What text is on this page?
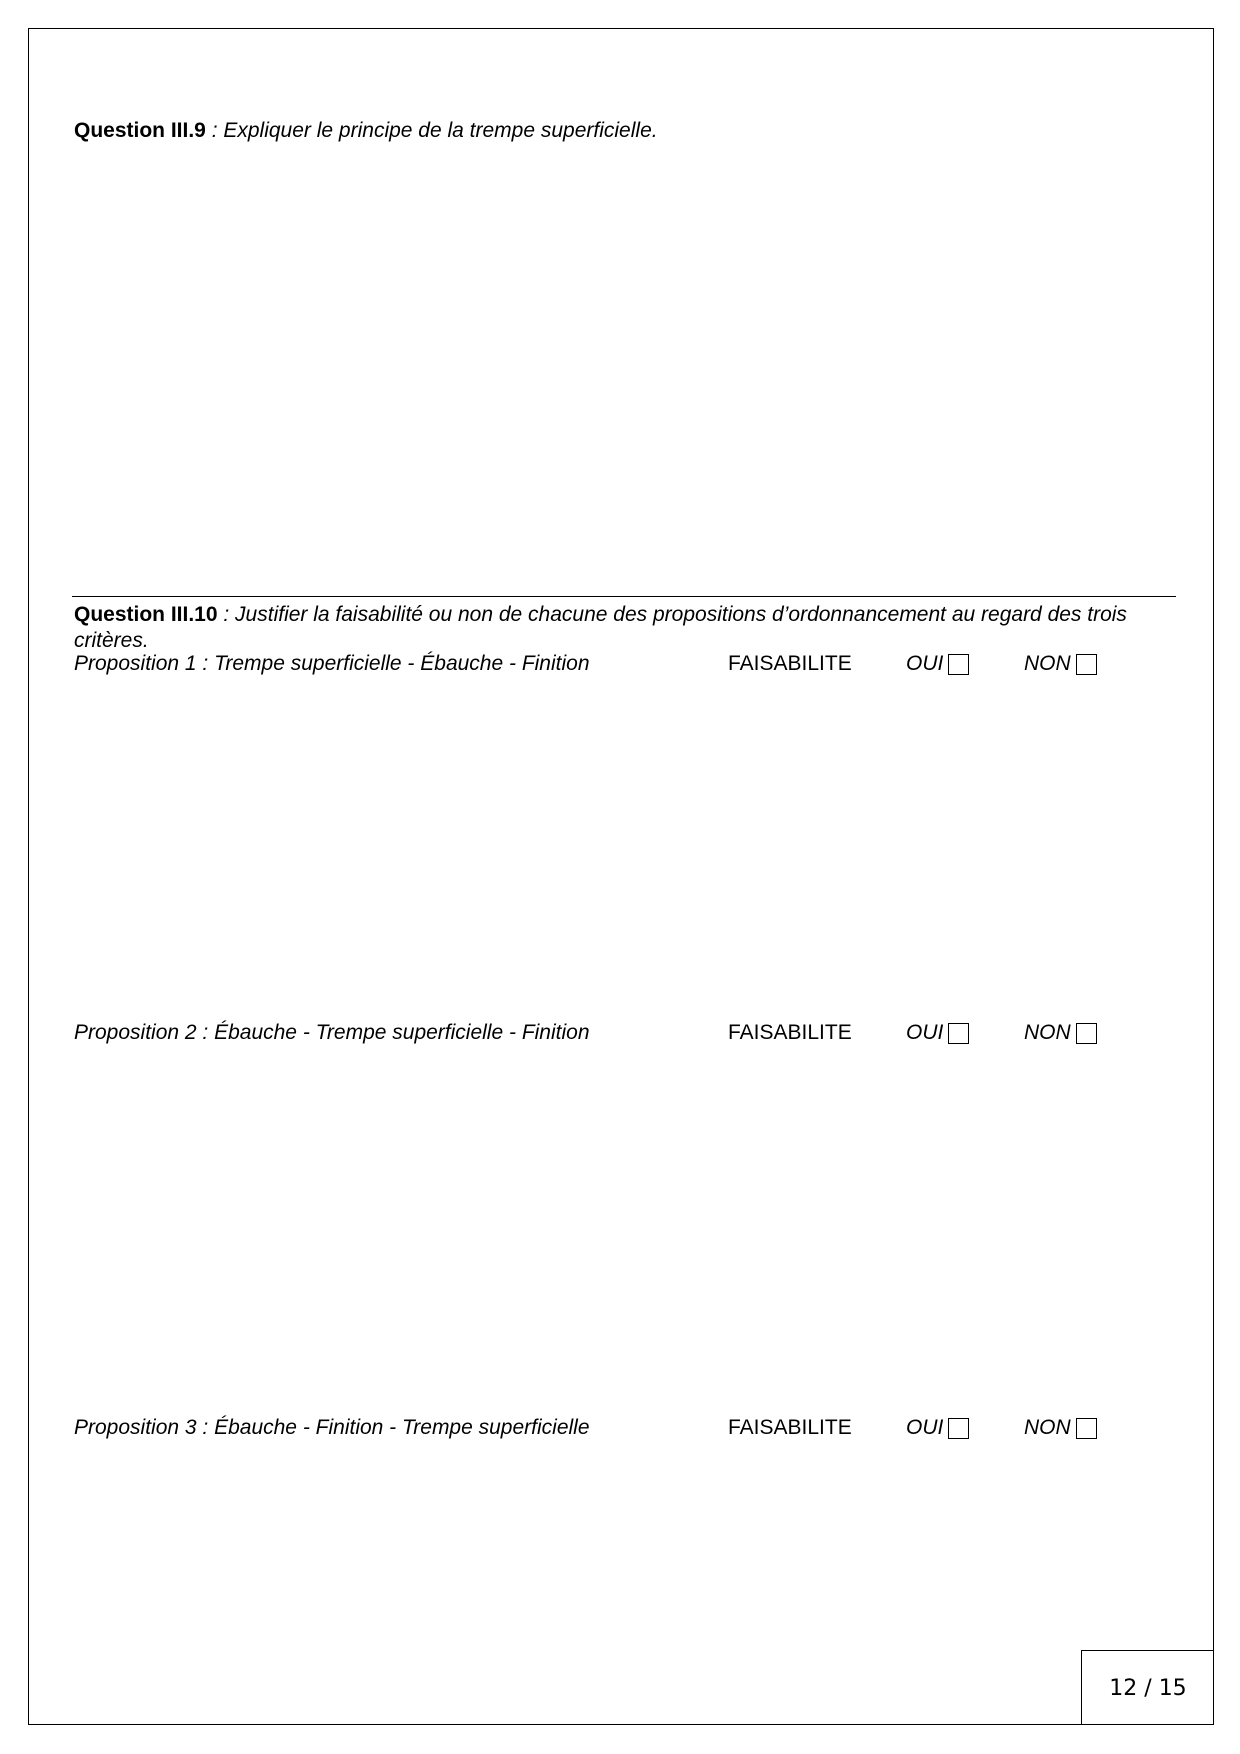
Question III.9 : Expliquer le principe de la trempe superficielle.
Question III.10 : Justifier la faisabilité ou non de chacune des propositions d’ordonnancement au regard des trois critères.
Proposition 1 : Trempe superficielle - Ébauche - Finition	FAISABILITE	OUI	NON
Proposition 2 : Ébauche - Trempe superficielle - Finition	FAISABILITE	OUI	NON
Proposition 3 : Ébauche - Finition - Trempe superficielle	FAISABILITE	OUI	NON
12 / 15
